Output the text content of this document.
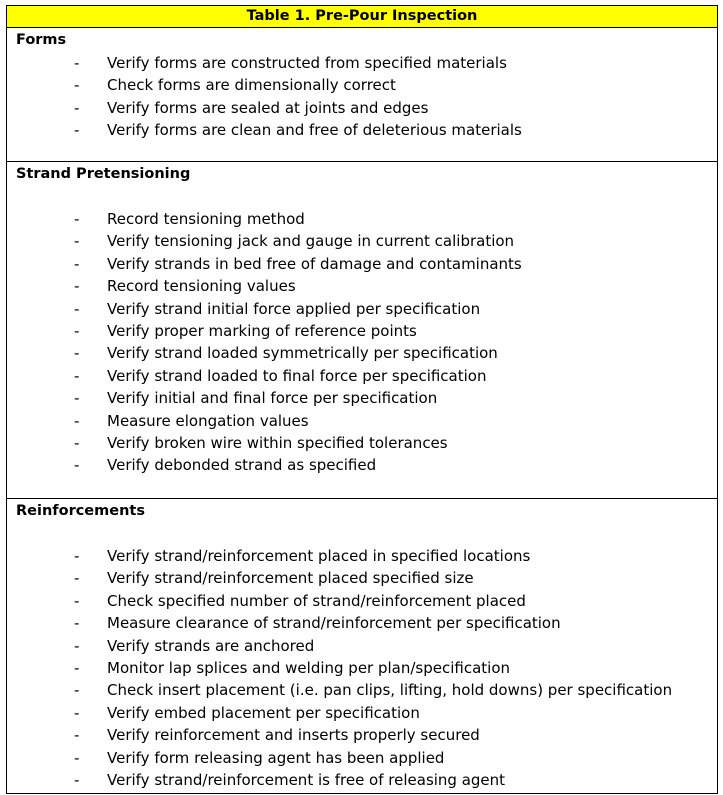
Table 1. Pre-Pour Inspection
Forms
- Verify forms are constructed from specified materials
- Check forms are dimensionally correct
- Verify forms are sealed at joints and edges
- Verify forms are clean and free of deleterious materials
Strand Pretensioning
- Record tensioning method
- Verify tensioning jack and gauge in current calibration
- Verify strands in bed free of damage and contaminants
- Record tensioning values
- Verify strand initial force applied per specification
- Verify proper marking of reference points
- Verify strand loaded symmetrically per specification
- Verify strand loaded to final force per specification
- Verify initial and final force per specification
- Measure elongation values
- Verify broken wire within specified tolerances
- Verify debonded strand as specified
Reinforcements
- Verify strand/reinforcement placed in specified locations
- Verify strand/reinforcement placed specified size
- Check specified number of strand/reinforcement placed
- Measure clearance of strand/reinforcement per specification
- Verify strands are anchored
- Monitor lap splices and welding per plan/specification
- Check insert placement (i.e. pan clips, lifting, hold downs) per specification
- Verify embed placement per specification
- Verify reinforcement and inserts properly secured
- Verify form releasing agent has been applied
- Verify strand/reinforcement is free of releasing agent
